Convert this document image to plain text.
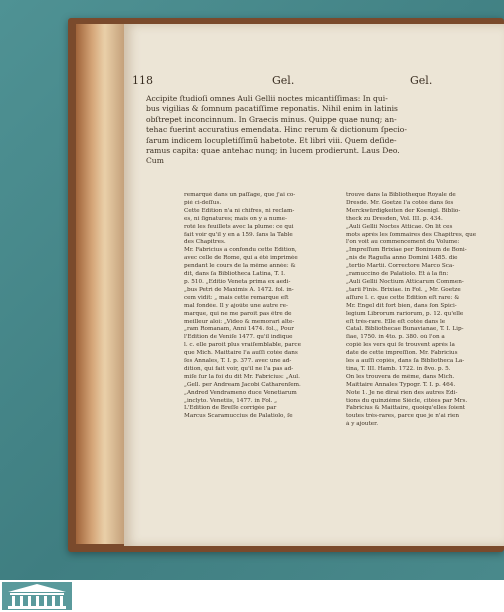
118	Gel.	Gel.
Accipite ſtudioſi omnes Auli Gellii noctes micantiſſimas: In qui-
bus vigilias & ſomnum pacatiſſime reponatis. Nihil enim in latinis
obſtrepet inconcinnum. In Graecis minus. Quippe quae nunq; an-
tehac fuerint accuratius emendata. Hinc rerum & dictionum ſpecio-
ſarum indicem locupletiſſimũ habetote. Et libri viii. Quem deſide-
ramus capita: quae antehac nunq; in lucem prodierunt. Laus Deo.
Cum
remarqué dans un paſſage, que j'ai co-
pié ci-deſſus.
Cette Edition n'a ni chifres, ni reclam-
es, ni ſignatures; mais on y a nume-
roté les feuillets avec la plume: ce qui
fait voir qu'il y en a 159. ſans la Table
des Chapitres.
Mr. Fabricius a confondu cette Edition,
avec celle de Rome, qui a été imprimée
pendant le cours de la même année: &
dit, dans ſa Bibliotheca Latina, T. I.
p. 510. „Editio Veneta prima ex aedi-
„bus Petri de Maximis A. 1472. fol. in-
cem vidit: „ mais cette remarque eſt
mal fondée. Il y ajoûte une autre re-
marque, qui ne me paroit pas être de
meilleur aloi: „Video & memorari alte-
„ram Romanam, Anni 1474. fol.,, Pour
l'Edition de Veniſe 1477. qu'il indique
l. c. elle paroit plus vraiſemblable, parce
que Mich. Maittaire l'a auſſi cotée dans
ſes Annales, T. I. p. 377. avec une ad-
dition, qui fait voir, qu'il ne l'a pas ad-
miſe ſur la foi du dit Mr. Fabricius: „Aul.
„Gell. per Andream Jacobi Catharenſem.
„Andred Vendrameno duce Venetiarum
„inclyto. Venetiis, 1477. in Fol. „
L'Edition de Breſſe corrigée par
Marcus Scaramuccius de Palatiolo, ſe
trouve dans la Bibliotheque Royale de
Dresde. Mr. Goetze l'a cotée dans ſes
Merckwürdigkeiten der Koenigl. Biblio-
theck zu Dresden, Vol. III. p. 434.
„Auli Gellii Noctes Atticae. On lit ces
mots après les ſommaires des Chapitres, que
l'on voit au commencement du Volume:
„Impreſſum Brixiae per Boninum de Boni-
„nis de Raguſia anno Domini 1485. die
„tertio Martii. Correctore Marco Sca-
„ramuccino de Palatiolo. Et à la fin:
„Auli Gellii Noctium Atticarum Commen-
„tarii Finis. Brixiae. in Fol. „ Mr. Goetze
aſſure l. c. que cette Edition eſt rare: &
Mr. Engel dit fort bien, dans ſon Spici-
legium Librorum rariorum, p. 12. qu'elle
eſt très-rare. Elle eſt cotée dans le
Catal. Bibliothecae Bunavianae, T. I. Lip-
ſiae, 1750. in 4to. p. 380. où l'on a
copié les vers qui ſe trouvent après la
date de cette impreſſion. Mr. Fabricius
les a auſſi copiés, dans ſa Bibliotheca La-
tina, T. III. Hamb. 1722. in 8vo. p. 5.
On les trouvera de même, dans Mich.
Maittaire Annales Typogr. T. I. p. 464.
Note 1. Je ne dirai rien des autres Edi-
tions du quinziéme Siécle, citées par Mrs.
Fabricius & Maittaire, quoiqu'elles ſoient
toutes très-rares, parce que je n'ai rien
à y ajouter.
